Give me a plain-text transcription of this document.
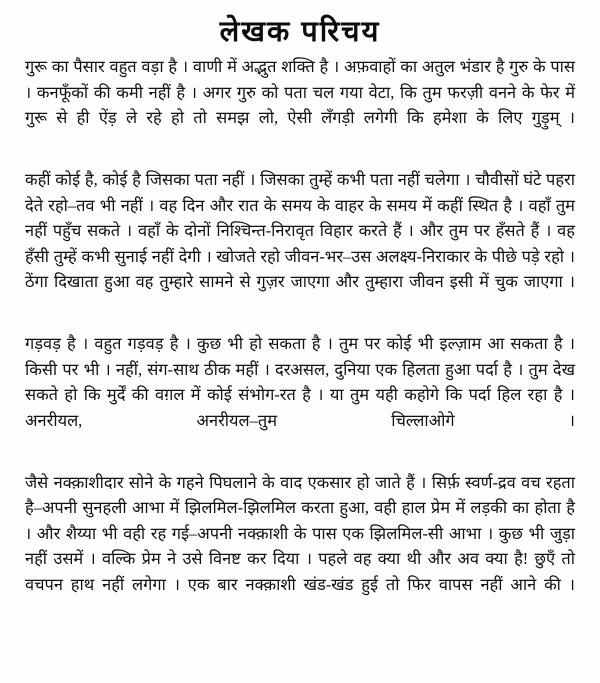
लेखक परिचय

गुरू का पैसार वहुत वड़ा है । वाणी में अद्भुत शक्ति है । अफ़वाहों का अतुल भंडार है गुरु के पास । कनफूँकों की कमी नहीं है । अगर गुरु को पता चल गया वेटा, कि तुम फरज़ी वनने के फेर में गुरू से ही ऐंड़ ले रहे हो तो समझ लो, ऐसी लँगड़ी लगेगी कि हमेशा के लिए गुड़ुम् ।

कहीं कोई है, कोई है जिसका पता नहीं । जिसका तुम्हें कभी पता नहीं चलेगा । चौवीसों घंटे पहरा देते रहो–तव भी नहीं । वह दिन और रात के समय के वाहर के समय में कहीं स्थित है । वहाँ तुम नहीं पहुँच सकते । वहाँ के दोनों निश्चिन्त-निरावृत विहार करते हैं । और तुम पर हँसते हैं । वह हँसी तुम्हें कभी सुनाई नहीं देगी । खोजते रहो जीवन-भर–उस अलक्ष्य-निराकार के पीछे पड़े रहो । ठेंगा दिखाता हुआ वह तुम्हारे सामने से गुज़र जाएगा और तुम्हारा जीवन इसी में चुक जाएगा ।

गड़वड़ है । वहुत गड़वड़ है । कुछ भी हो सकता है । तुम पर कोई भी इल्ज़ाम आ सकता है । किसी पर भी । नहीं, संग-साथ ठीक महीं । दरअसल, दुनिया एक हिलता हुआ पर्दा है । तुम देख सकते हो कि मुर्दें की वग़ल में कोई संभोग-रत है । या तुम यही कहोगे कि पर्दा हिल रहा है । अनरीयल, अनरीयल–तुम चिल्लाओगे ।

जैसे नक्क़ाशीदार सोने के गहने पिघलाने के वाद एकसार हो जाते हैं । सिर्फ़ स्वर्ण-द्रव वच रहता है–अपनी सुनहली आभा में झिलमिल-झिलमिल करता हुआ, वही हाल प्रेम में लड़की का होता है । और शैय्या भी वही रह गई–अपनी नक्क़ाशी के पास एक झिलमिल-सी आभा । कुछ भी जुड़ा नहीं उसमें । वल्कि प्रेम ने उसे विनष्ट कर दिया । पहले वह क्या थी और अव क्या है! छुएँ तो वचपन हाथ नहीं लगेगा । एक बार नक्क़ाशी खंड-खंड हुई तो फिर वापस नहीं आने की ।
